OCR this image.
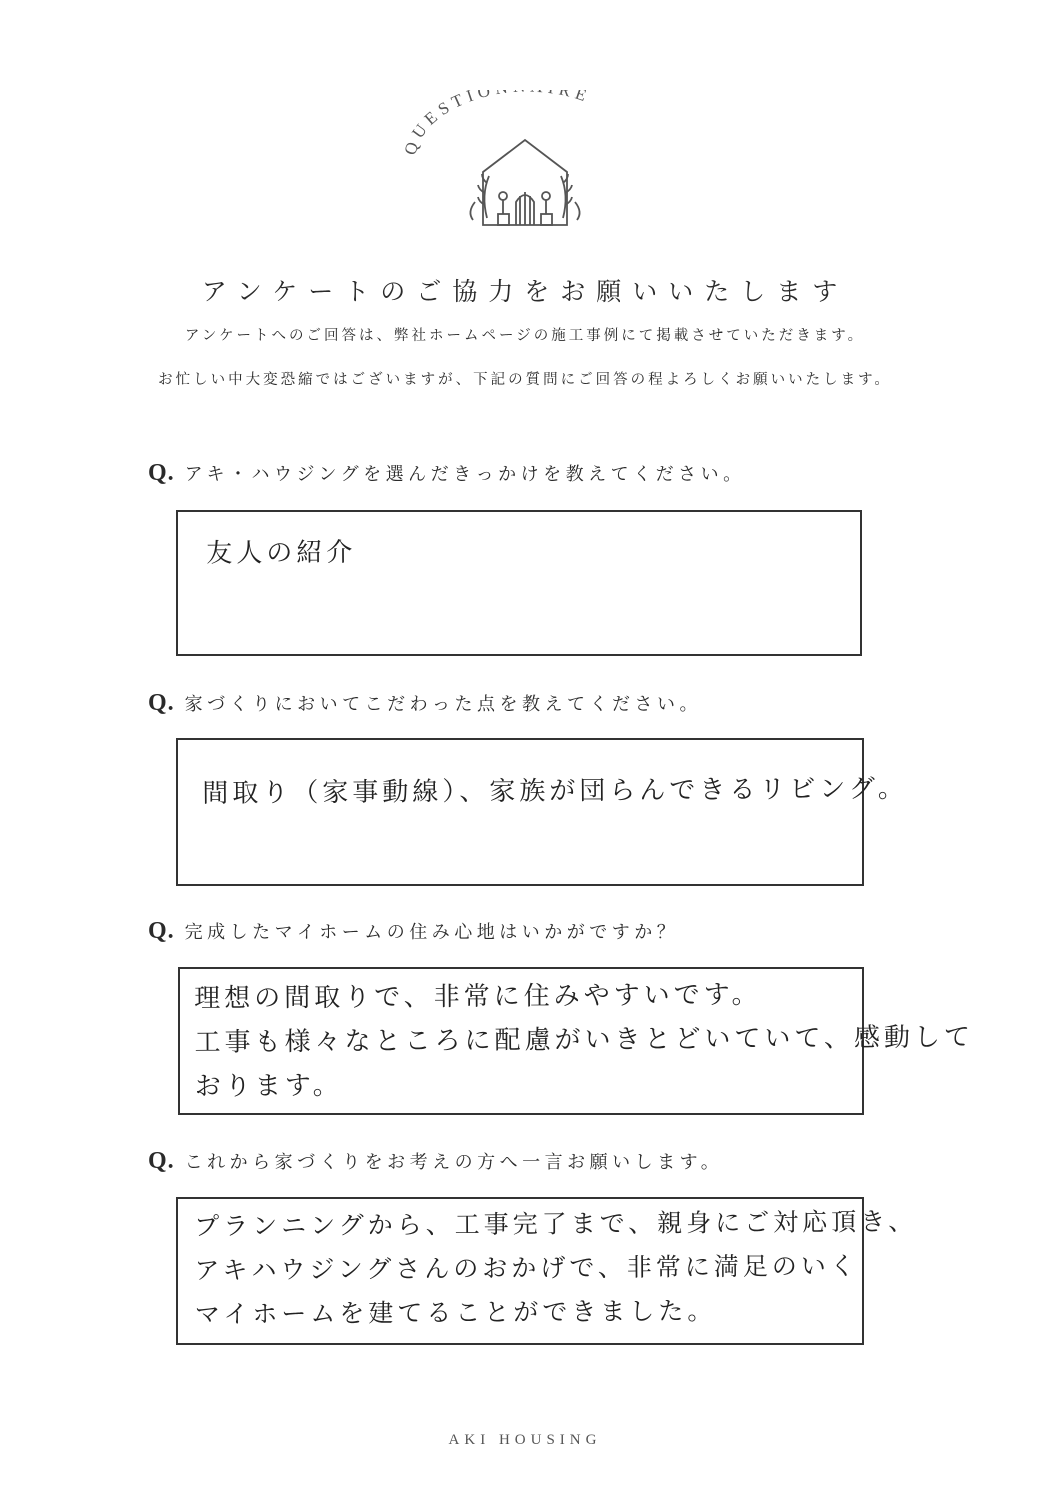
QUESTIO RE
アンケートのご協力をお願いいたします
アンケートへのご回答は、弊社ホームページの施工事例にて掲載させていただきます。
お忙しい中大変恐縮ではございますが、下記の質問にご回答の程よろしくお願いいたします。
Q. アキ・ハウジングを選んだきっかけを教えてください。
友人の紹介
Q. 家づくりにおいてこだわった点を教えてください。
間取り（家事動線）、家族が団らんできるリビング。
Q. 完成したマイホームの住み心地はいかがですか？
理想の間取りで、非常に住みやすいです。
工事も様々なところに配慮がいきとどいていて、感動して
おります。
Q. これから家づくりをお考えの方へ一言お願いします。
プランニングから、工事完了まで、親身にご対応頂き、
アキハウジングさんのおかげで、非常に満足のいく
マイホームを建てることができました。
AKI HOUSING
